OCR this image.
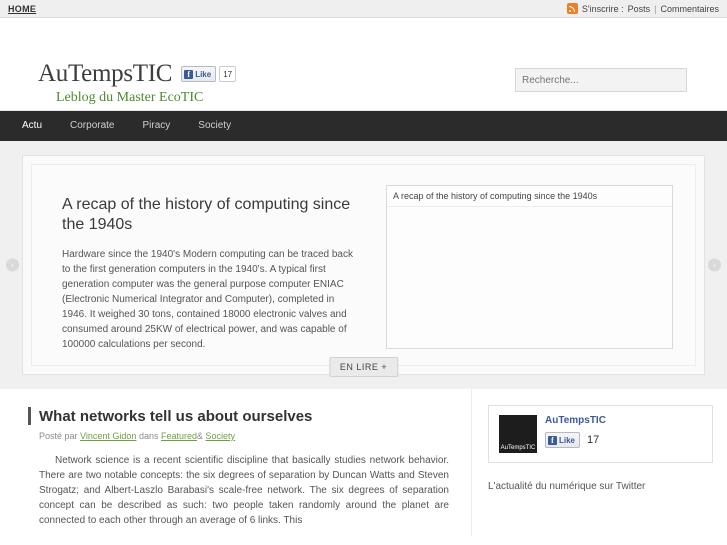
HOME	S'inscrire : Posts | Commentaires
AuTempsTIC	f Like	17
Leblog du Master EcoTIC
Recherche...
Actu	Corporate	Piracy	Society
‹	›
A recap of the history of computing since the 1940s
Hardware since the 1940's Modern computing can be traced back to the first generation computers in the 1940's. A typical first generation computer was the general purpose computer ENIAC (Electronic Numerical Integrator and Computer), completed in 1946. It weighed 30 tons, contained 18000 electronic valves and consumed around 25KW of electrical power, and was capable of 100000 calculations per second.
A recap of the history of computing since the 1940s
EN LIRE +
What networks tell us about ourselves
Posté par Vincent Gidon dans Featured& Society
Network science is a recent scientific discipline that basically studies network behavior. There are two notable concepts: the six degrees of separation by Duncan Watts and Steven Strogatz; and Albert-Laszlo Barabasi's scale-free network. The six degrees of separation concept can be described as such: two people taken randomly around the planet are connected to each other through an average of 6 links. This
AuTempsTIC
AuTempsTIC
f Like 17
L'actualité du numérique sur Twitter
